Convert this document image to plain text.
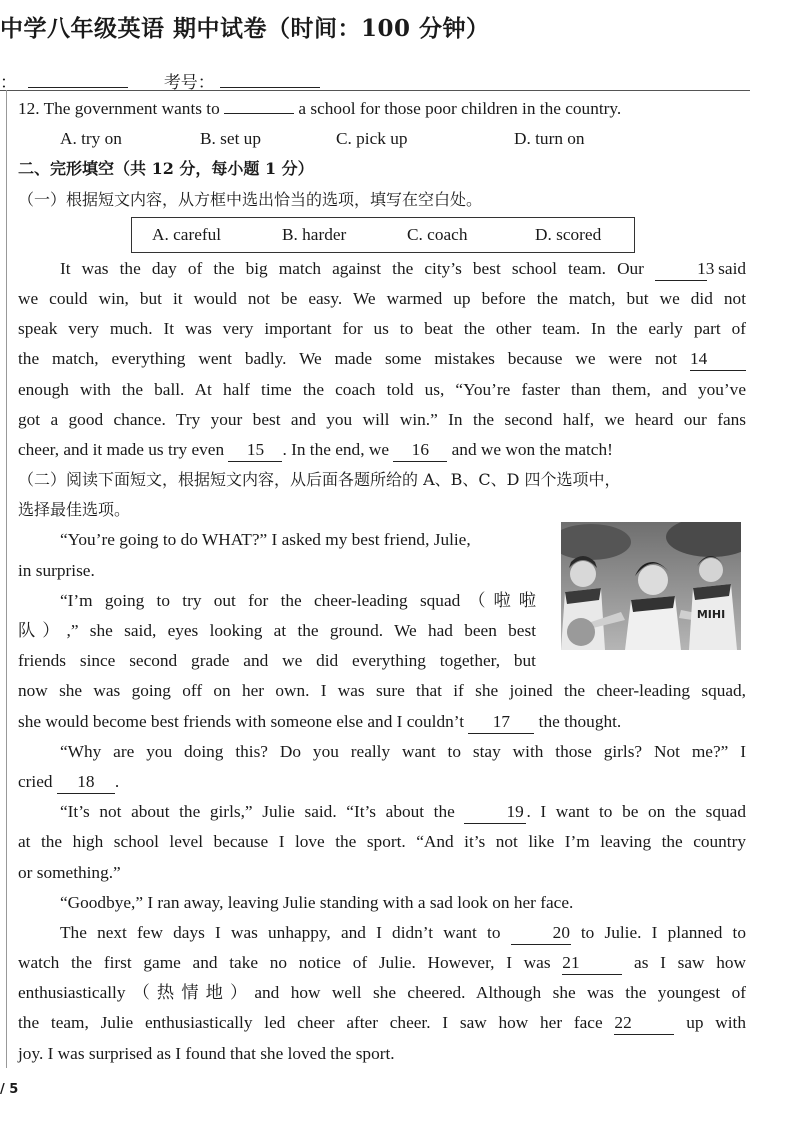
中学八年级英语 期中试卷（时间：100 分钟）
：	考号：
12. The government wants to	a school for those poor children in the country.
A. try on	B. set up	C. pick up	D. turn on
二、完形填空（共 12 分，每小题 1 分）
（一）根据短文内容，从方框中选出恰当的选项，填写在空白处。
A. careful	B. harder	C. coach	D. scored
It was the day of the big match against the city’s best school team. Our	13 said
we could win, but it would not be easy. We warmed up before the match, but we did not
speak very much. It was very important for us to beat the other team. In the early part of
the match, everything went badly. We made some mistakes because we were not 14
enough with the ball. At half time the coach told us, “You’re faster than them, and you’ve
got a good chance. Try your best and you will win.” In the second half, we heard our fans
cheer, and it made us try even 15 . In the end, we 16 and we won the match!
（二）阅读下面短文，根据短文内容，从后面各题所给的 A、B、C、D 四个选项中，
选择最佳选项。
“You’re going to do WHAT?” I asked my best friend, Julie,
in surprise.
“I’m going to try out for the cheer-leading squad（啦啦
队）,” she said, eyes looking at the ground. We had been best
friends since second grade and we did everything together, but
now she was going off on her own. I was sure that if she joined the cheer-leading squad,
she would become best friends with someone else and I couldn’t 17 the thought.
“Why are you doing this? Do you really want to stay with those girls? Not me?” I
cried 18 .
“It’s not about the girls,” Julie said. “It’s about the	19 . I want to be on the squad
at the high school level because I love the sport. “And it’s not like I’m leaving the country
or something.”
“Goodbye,” I ran away, leaving Julie standing with a sad look on her face.
The next few days I was unhappy, and I didn’t want to	20 to Julie. I planned to
watch the first game and take no notice of Julie. However, I was 21	as I saw how
enthusiastically（热情地）and how well she cheered. Although she was the youngest of
the team, Julie enthusiastically led cheer after cheer. I saw how her face 22	up with
joy. I was surprised as I found that she loved the sport.
MIHI
/ 5
